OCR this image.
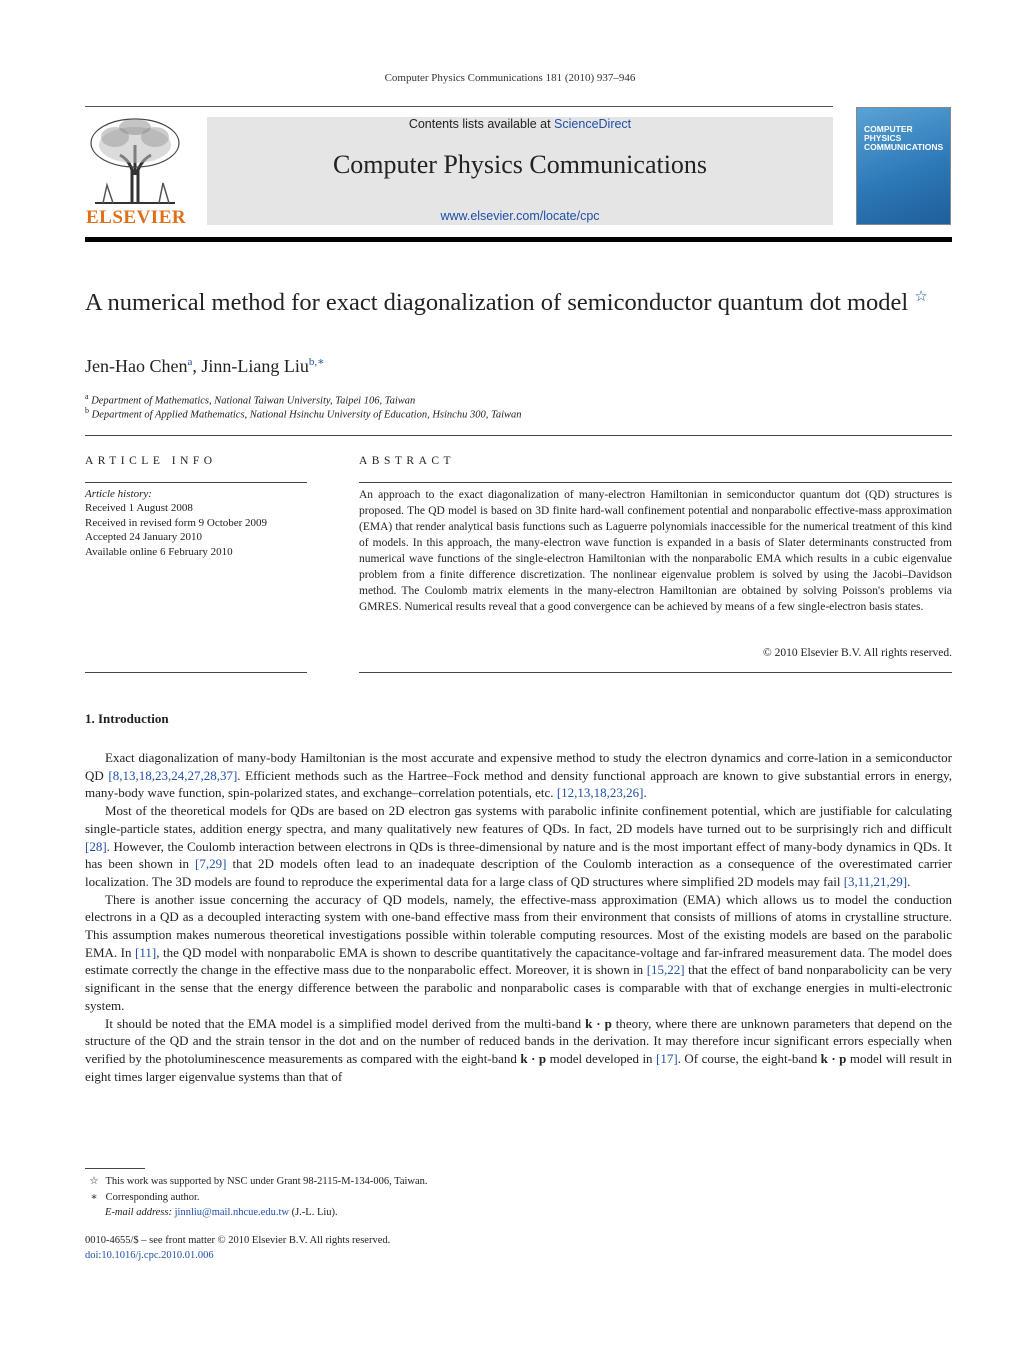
Computer Physics Communications 181 (2010) 937–946
ELSEVIER
Contents lists available at ScienceDirect
Computer Physics Communications
www.elsevier.com/locate/cpc
COMPUTER PHYSICS COMMUNICATIONS
A numerical method for exact diagonalization of semiconductor quantum dot model ☆
Jen-Hao Chen$^a$, Jinn-Liang Liu$^{b,∗}$
$^a$ Department of Mathematics, National Taiwan University, Taipei 106, Taiwan
$^b$ Department of Applied Mathematics, National Hsinchu University of Education, Hsinchu 300, Taiwan
ARTICLE INFO	ABSTRACT
Article history:
Received 1 August 2008
Received in revised form 9 October 2009
Accepted 24 January 2010
Available online 6 February 2010
An approach to the exact diagonalization of many-electron Hamiltonian in semiconductor quantum dot (QD) structures is proposed. The QD model is based on 3D finite hard-wall confinement potential and nonparabolic effective-mass approximation (EMA) that render analytical basis functions such as Laguerre polynomials inaccessible for the numerical treatment of this kind of models. In this approach, the many-electron wave function is expanded in a basis of Slater determinants constructed from numerical wave functions of the single-electron Hamiltonian with the nonparabolic EMA which results in a cubic eigenvalue problem from a finite difference discretization. The nonlinear eigenvalue problem is solved by using the Jacobi–Davidson method. The Coulomb matrix elements in the many-electron Hamiltonian are obtained by solving Poisson's problems via GMRES. Numerical results reveal that a good convergence can be achieved by means of a few single-electron basis states.
© 2010 Elsevier B.V. All rights reserved.
1. Introduction

Exact diagonalization of many-body Hamiltonian is the most accurate and expensive method to study the electron dynamics and corre-lation in a semiconductor QD [8,13,18,23,24,27,28,37]. Efficient methods such as the Hartree–Fock method and density functional approach are known to give substantial errors in energy, many-body wave function, spin-polarized states, and exchange–correlation potentials, etc. [12,13,18,23,26].

Most of the theoretical models for QDs are based on 2D electron gas systems with parabolic infinite confinement potential, which are justifiable for calculating single-particle states, addition energy spectra, and many qualitatively new features of QDs. In fact, 2D models have turned out to be surprisingly rich and difficult [28]. However, the Coulomb interaction between electrons in QDs is three-dimensional by nature and is the most important effect of many-body dynamics in QDs. It has been shown in [7,29] that 2D models often lead to an inadequate description of the Coulomb interaction as a consequence of the overestimated carrier localization. The 3D models are found to reproduce the experimental data for a large class of QD structures where simplified 2D models may fail [3,11,21,29].

There is another issue concerning the accuracy of QD models, namely, the effective-mass approximation (EMA) which allows us to model the conduction electrons in a QD as a decoupled interacting system with one-band effective mass from their environment that consists of millions of atoms in crystalline structure. This assumption makes numerous theoretical investigations possible within tolerable computing resources. Most of the existing models are based on the parabolic EMA. In [11], the QD model with nonparabolic EMA is shown to describe quantitatively the capacitance-voltage and far-infrared measurement data. The model does estimate correctly the change in the effective mass due to the nonparabolic effect. Moreover, it is shown in [15,22] that the effect of band nonparabolicity can be very significant in the sense that the energy difference between the parabolic and nonparabolic cases is comparable with that of exchange energies in multi-electronic system.

It should be noted that the EMA model is a simplified model derived from the multi-band k · p theory, where there are unknown parameters that depend on the structure of the QD and the strain tensor in the dot and on the number of reduced bands in the derivation. It may therefore incur significant errors especially when verified by the photoluminescence measurements as compared with the eight-band k · p model developed in [17]. Of course, the eight-band k · p model will result in eight times larger eigenvalue systems than that of

☆ This work was supported by NSC under Grant 98-2115-M-134-006, Taiwan.
∗ Corresponding author.
E-mail address: jinnliu@mail.nhcue.edu.tw (J.-L. Liu).
0010-4655/$ – see front matter © 2010 Elsevier B.V. All rights reserved.
doi:10.1016/j.cpc.2010.01.006
